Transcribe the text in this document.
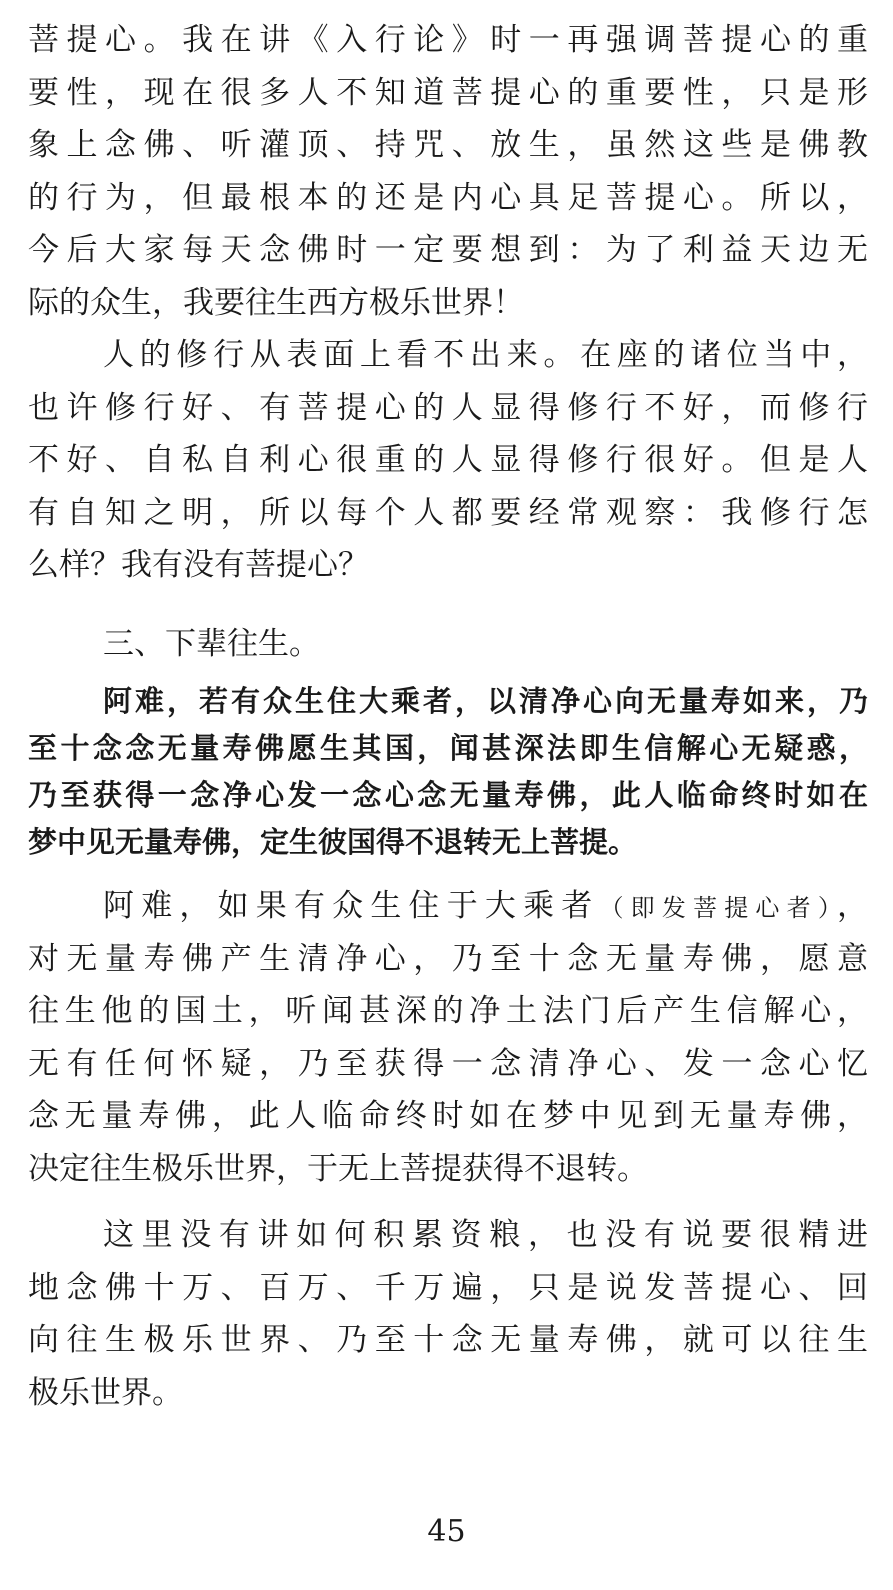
菩提心。我在讲《入行论》时一再强调菩提心的重
要性，现在很多人不知道菩提心的重要性，只是形
象上念佛、听灌顶、持咒、放生，虽然这些是佛教
的行为，但最根本的还是内心具足菩提心。所以，
今后大家每天念佛时一定要想到：为了利益天边无
际的众生，我要往生西方极乐世界！
人的修行从表面上看不出来。在座的诸位当中，
也许修行好、有菩提心的人显得修行不好，而修行
不好、自私自利心很重的人显得修行很好。但是人
有自知之明，所以每个人都要经常观察：我修行怎
么样？我有没有菩提心？
三、下辈往生。
阿难，若有众生住大乘者，以清净心向无量寿如来，乃
至十念念无量寿佛愿生其国，闻甚深法即生信解心无疑惑，
乃至获得一念净心发一念心念无量寿佛，此人临命终时如在
梦中见无量寿佛，定生彼国得不退转无上菩提。
阿难，如果有众生住于大乘者（即发菩提心者），
对无量寿佛产生清净心，乃至十念无量寿佛，愿意
往生他的国土，听闻甚深的净土法门后产生信解心，
无有任何怀疑，乃至获得一念清净心、发一念心忆
念无量寿佛，此人临命终时如在梦中见到无量寿佛，
决定往生极乐世界，于无上菩提获得不退转。
这里没有讲如何积累资粮，也没有说要很精进
地念佛十万、百万、千万遍，只是说发菩提心、回
向往生极乐世界、乃至十念无量寿佛，就可以往生
极乐世界。
45
